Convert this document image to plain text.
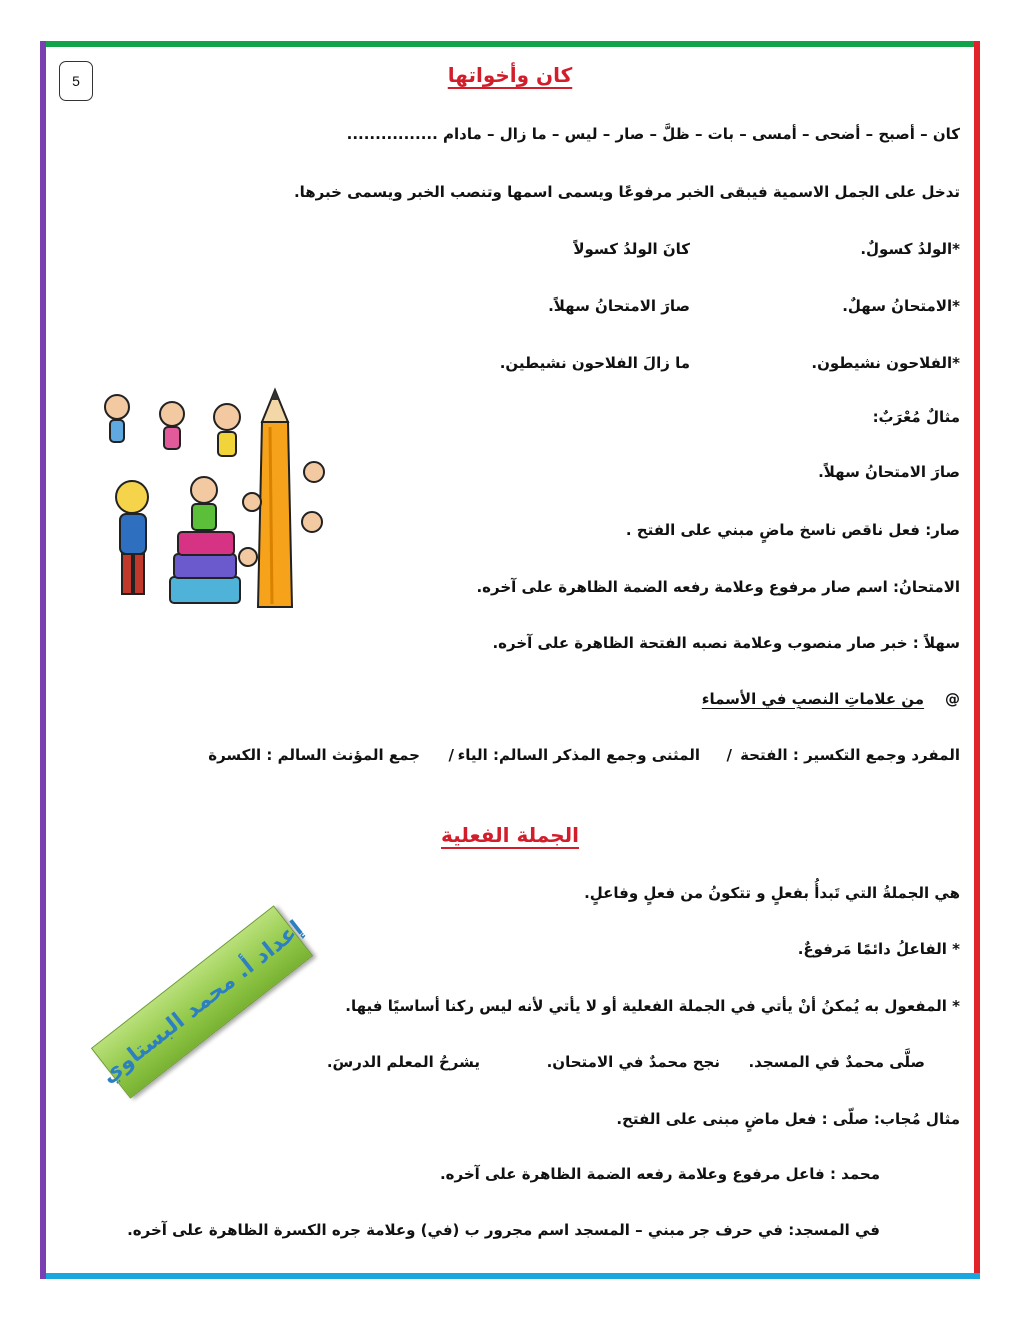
5	كان وأخواتها
كان – أصبح – أضحى – أمسى – بات – ظلَّ – صار – ليس – ما زال – مادام ................
تدخل على الجمل الاسمية فيبقى الخبر مرفوعًا ويسمى اسمها وتنصب الخبر ويسمى خبرها.
*الولدُ كسولٌ.
كانَ الولدُ كسولاً
*الامتحانُ سهلٌ.
صارَ الامتحانُ سهلاً.
*الفلاحون نشيطون.
ما زالَ الفلاحون نشيطين.
مثالٌ مُعْرَبٌ:
صارَ الامتحانُ سهلاً.
صار: فعل ناقص ناسخ ماضٍ مبني على الفتح .
الامتحانُ: اسم صار مرفوع وعلامة رفعه الضمة الظاهرة على آخره.
سهلاً : خبر صار منصوب وعلامة نصبه الفتحة الظاهرة على آخره.
@    من علاماتِ النصبِ في الأسماء
المفرد وجمع التكسير : الفتحة
/
المثنى وجمع المذكر السالم: الياء
/
جمع المؤنث السالم : الكسرة
الجملة الفعلية
هي الجملةُ التي تَبدأُ بفعلٍ و تتكونُ من فعلٍ وفاعلٍ.
* الفاعلُ دائمًا مَرفوعٌ.
* المفعول به يُمكنُ أنْ يأتي في الجملة الفعلية أو لا يأتي لأنه ليس ركنا أساسيًا فيها.
صلَّى محمدٌ في المسجد.
نجح محمدٌ في الامتحان.
يشرحُ المعلم الدرسَ.
مثال مُجاب: صلّى : فعل ماضٍ مبنى على الفتح.
محمد : فاعل مرفوع وعلامة رفعه الضمة الظاهرة على آخره.
في المسجد: في حرف جر مبني – المسجد اسم مجرور ب (في) وعلامة جره الكسرة الظاهرة على آخره.
إعداد أ. محمد البستاوي
